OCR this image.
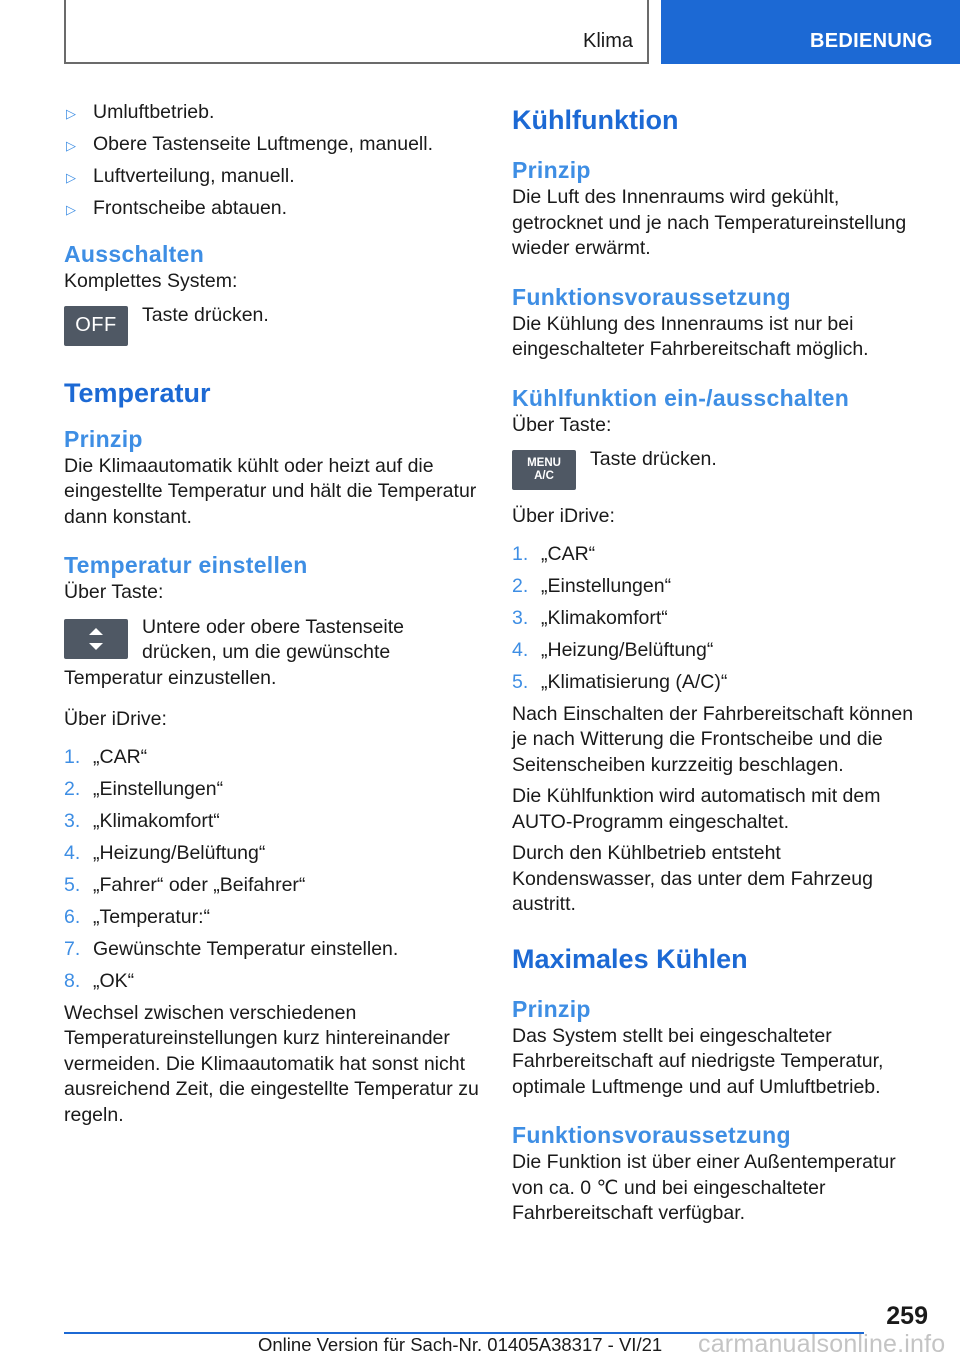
Klima	BEDIENUNG
▷ Umluftbetrieb.
▷ Obere Tastenseite Luftmenge, manuell.
▷ Luftverteilung, manuell.
▷ Frontscheibe abtauen.
Ausschalten
Komplettes System:
OFF	Taste drücken.
Temperatur
Prinzip
Die Klimaautomatik kühlt oder heizt auf die eingestellte Temperatur und hält die Temperatur dann konstant.
Temperatur einstellen
Über Taste:
Untere oder obere Tastenseite drücken, um die gewünschte Temperatur einzustellen.
Über iDrive:
1. „CAR“
2. „Einstellungen“
3. „Klimakomfort“
4. „Heizung/Belüftung“
5. „Fahrer“ oder „Beifahrer“
6. „Temperatur:“
7. Gewünschte Temperatur einstellen.
8. „OK“
Wechsel zwischen verschiedenen Temperatureinstellungen kurz hintereinander vermeiden. Die Klimaautomatik hat sonst nicht ausreichend Zeit, die eingestellte Temperatur zu regeln.
Kühlfunktion
Prinzip
Die Luft des Innenraums wird gekühlt, getrocknet und je nach Temperatureinstellung wieder erwärmt.
Funktionsvoraussetzung
Die Kühlung des Innenraums ist nur bei eingeschalteter Fahrbereitschaft möglich.
Kühlfunktion ein-/ausschalten
Über Taste:
MENU
A/C
Taste drücken.
Über iDrive:
1. „CAR“
2. „Einstellungen“
3. „Klimakomfort“
4. „Heizung/Belüftung“
5. „Klimatisierung (A/C)“
Nach Einschalten der Fahrbereitschaft können je nach Witterung die Frontscheibe und die Seitenscheiben kurzzeitig beschlagen.
Die Kühlfunktion wird automatisch mit dem AUTO-Programm eingeschaltet.
Durch den Kühlbetrieb entsteht Kondenswasser, das unter dem Fahrzeug austritt.
Maximales Kühlen
Prinzip
Das System stellt bei eingeschalteter Fahrbereitschaft auf niedrigste Temperatur, optimale Luftmenge und auf Umluftbetrieb.
Funktionsvoraussetzung
Die Funktion ist über einer Außentemperatur von ca. 0 ℃ und bei eingeschalteter Fahrbereitschaft verfügbar.
259
Online Version für Sach-Nr. 01405A38317 - VI/21 carmanualsonline.info
